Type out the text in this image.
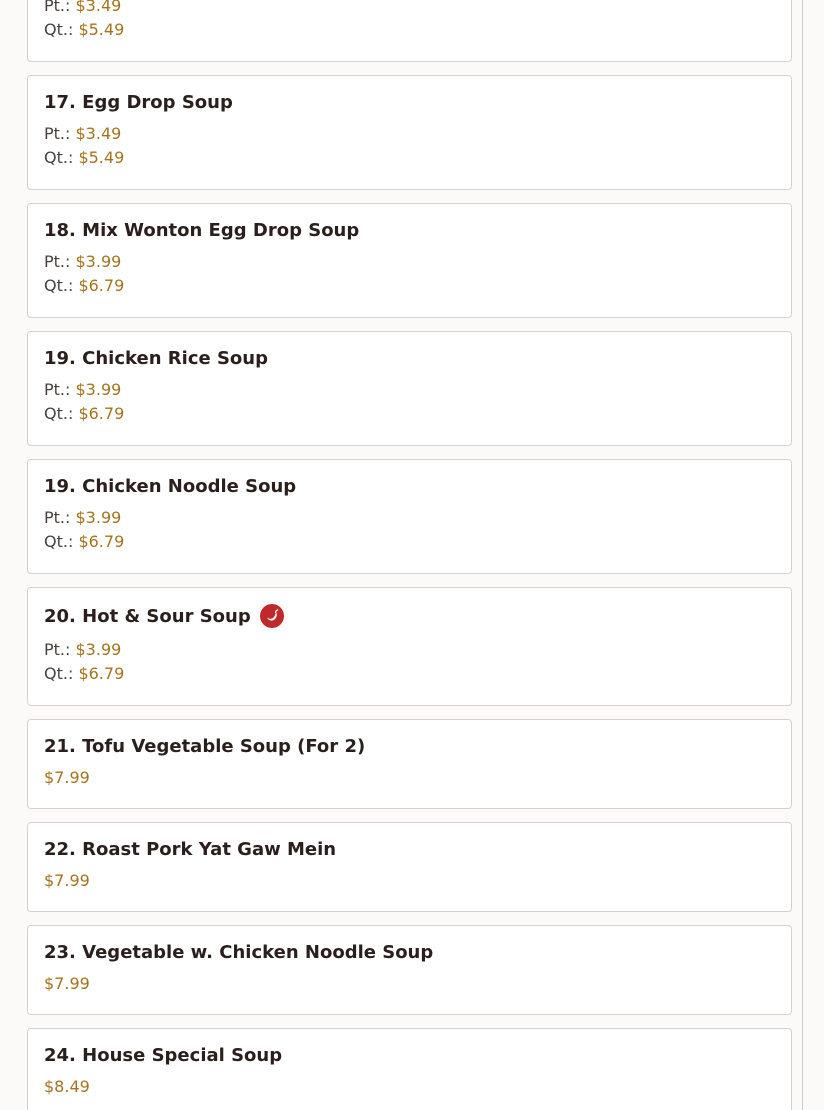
Pt.: $3.49
Qt.: $5.49
17. Egg Drop Soup
Pt.: $3.49
Qt.: $5.49
18. Mix Wonton Egg Drop Soup
Pt.: $3.99
Qt.: $6.79
19. Chicken Rice Soup
Pt.: $3.99
Qt.: $6.79
19. Chicken Noodle Soup
Pt.: $3.99
Qt.: $6.79
20. Hot & Sour Soup
Pt.: $3.99
Qt.: $6.79
21. Tofu Vegetable Soup (For 2)
$7.99
22. Roast Pork Yat Gaw Mein
$7.99
23. Vegetable w. Chicken Noodle Soup
$7.99
24. House Special Soup
$8.49
